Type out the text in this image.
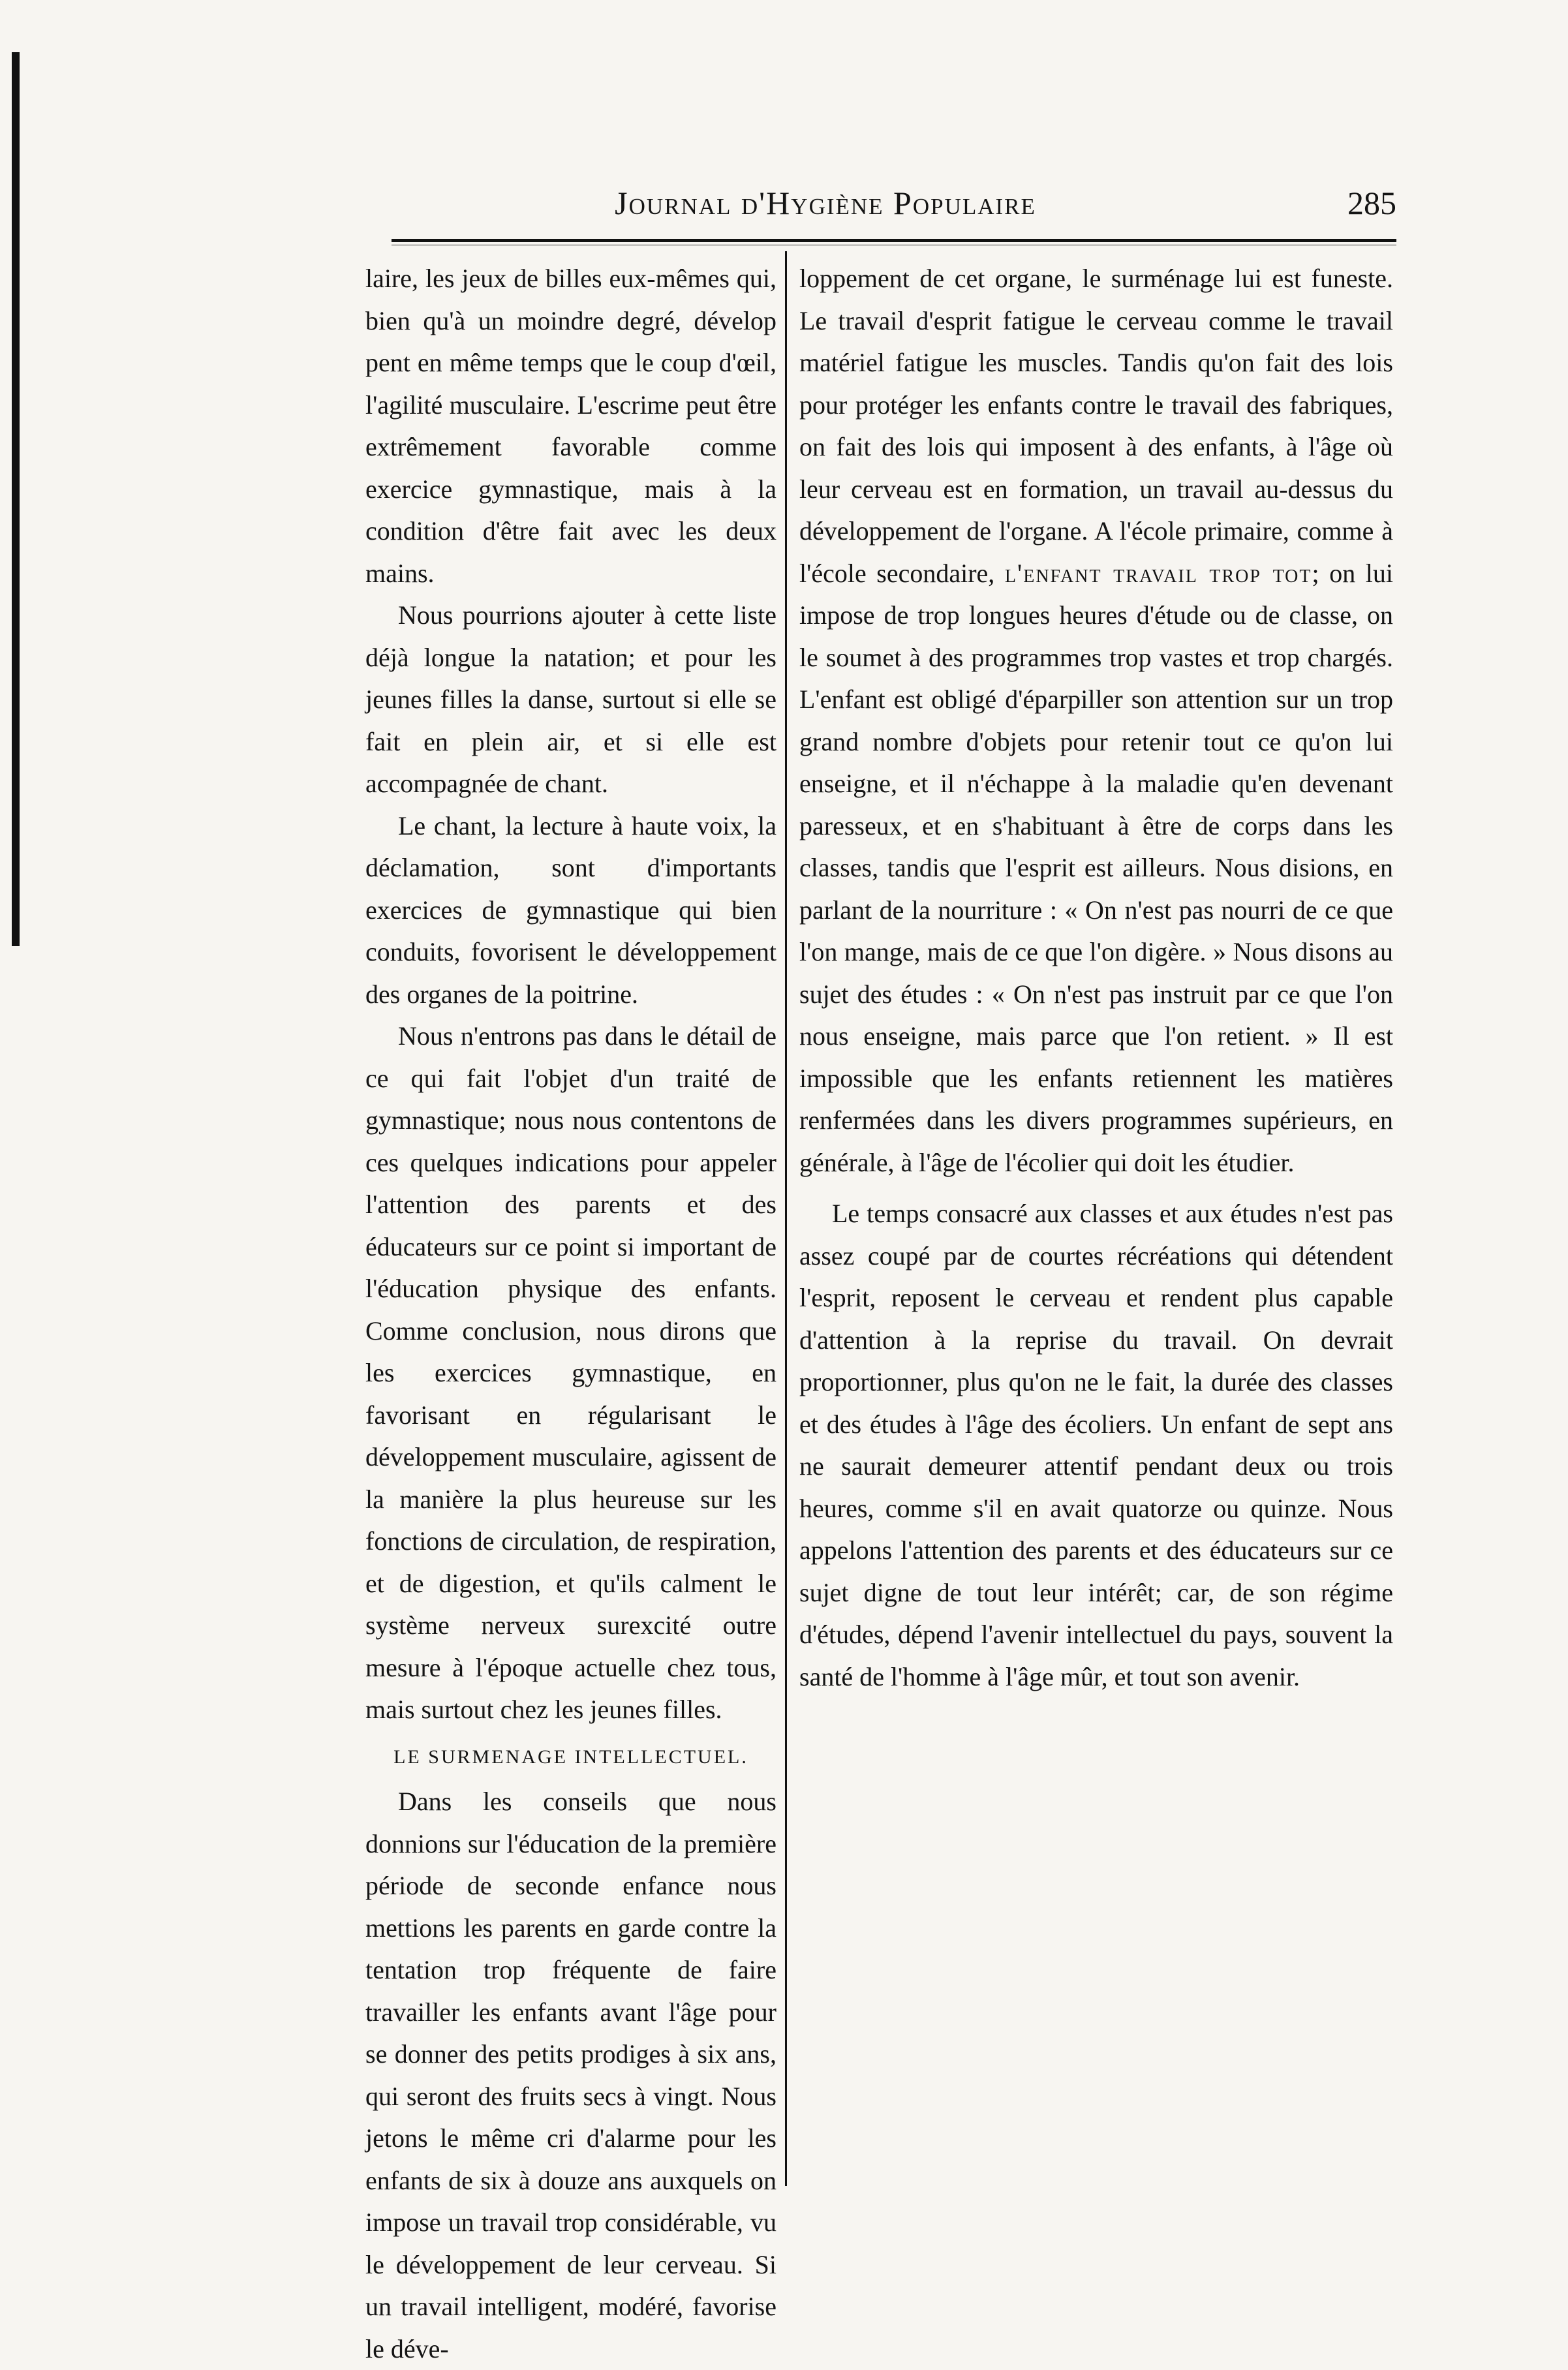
Journal d'Hygiène Populaire	285

laire, les jeux de billes eux-mêmes qui, bien qu'à un moindre degré, dévelop pent en même temps que le coup d'œil, l'agilité musculaire. L'escrime peut être extrêmement favorable comme exercice gymnastique, mais à la condition d'être fait avec les deux mains.

Nous pourrions ajouter à cette liste déjà longue la natation; et pour les jeunes filles la danse, surtout si elle se fait en plein air, et si elle est accompagnée de chant.

Le chant, la lecture à haute voix, la déclamation, sont d'importants exercices de gymnastique qui bien conduits, fovorisent le développement des organes de la poitrine.

Nous n'entrons pas dans le détail de ce qui fait l'objet d'un traité de gymnastique; nous nous contentons de ces quelques indications pour appeler l'attention des parents et des éducateurs sur ce point si important de l'éducation physique des enfants. Comme conclusion, nous dirons que les exercices gymnastique, en favorisant en régularisant le développement musculaire, agissent de la manière la plus heureuse sur les fonctions de circulation, de respiration, et de digestion, et qu'ils calment le système nerveux surexcité outre mesure à l'époque actuelle chez tous, mais surtout chez les jeunes filles.

LE SURMENAGE INTELLECTUEL.

Dans les conseils que nous donnions sur l'éducation de la première période de seconde enfance nous mettions les parents en garde contre la tentation trop fréquente de faire travailler les enfants avant l'âge pour se donner des petits prodiges à six ans, qui seront des fruits secs à vingt. Nous jetons le même cri d'alarme pour les enfants de six à douze ans auxquels on impose un travail trop considérable, vu le développement de leur cerveau. Si un travail intelligent, modéré, favorise le déve-

loppement de cet organe, le surménage lui est funeste. Le travail d'esprit fatigue le cerveau comme le travail matériel fatigue les muscles. Tandis qu'on fait des lois pour protéger les enfants contre le travail des fabriques, on fait des lois qui imposent à des enfants, à l'âge où leur cerveau est en formation, un travail au-dessus du développement de l'organe. A l'école primaire, comme à l'école secondaire, l'enfant travail trop tot; on lui impose de trop longues heures d'étude ou de classe, on le soumet à des programmes trop vastes et trop chargés. L'enfant est obligé d'éparpiller son attention sur un trop grand nombre d'objets pour retenir tout ce qu'on lui enseigne, et il n'échappe à la maladie qu'en devenant paresseux, et en s'habituant à être de corps dans les classes, tandis que l'esprit est ailleurs. Nous disions, en parlant de la nourriture : « On n'est pas nourri de ce que l'on mange, mais de ce que l'on digère. » Nous disons au sujet des études : « On n'est pas instruit par ce que l'on nous enseigne, mais parce que l'on retient. » Il est impossible que les enfants retiennent les matières renfermées dans les divers programmes supérieurs, en générale, à l'âge de l'écolier qui doit les étudier.

Le temps consacré aux classes et aux études n'est pas assez coupé par de courtes récréations qui détendent l'esprit, reposent le cerveau et rendent plus capable d'attention à la reprise du travail. On devrait proportionner, plus qu'on ne le fait, la durée des classes et des études à l'âge des écoliers. Un enfant de sept ans ne saurait demeurer attentif pendant deux ou trois heures, comme s'il en avait quatorze ou quinze. Nous appelons l'attention des parents et des éducateurs sur ce sujet digne de tout leur intérêt; car, de son régime d'études, dépend l'avenir intellectuel du pays, souvent la santé de l'homme à l'âge mûr, et tout son avenir.
